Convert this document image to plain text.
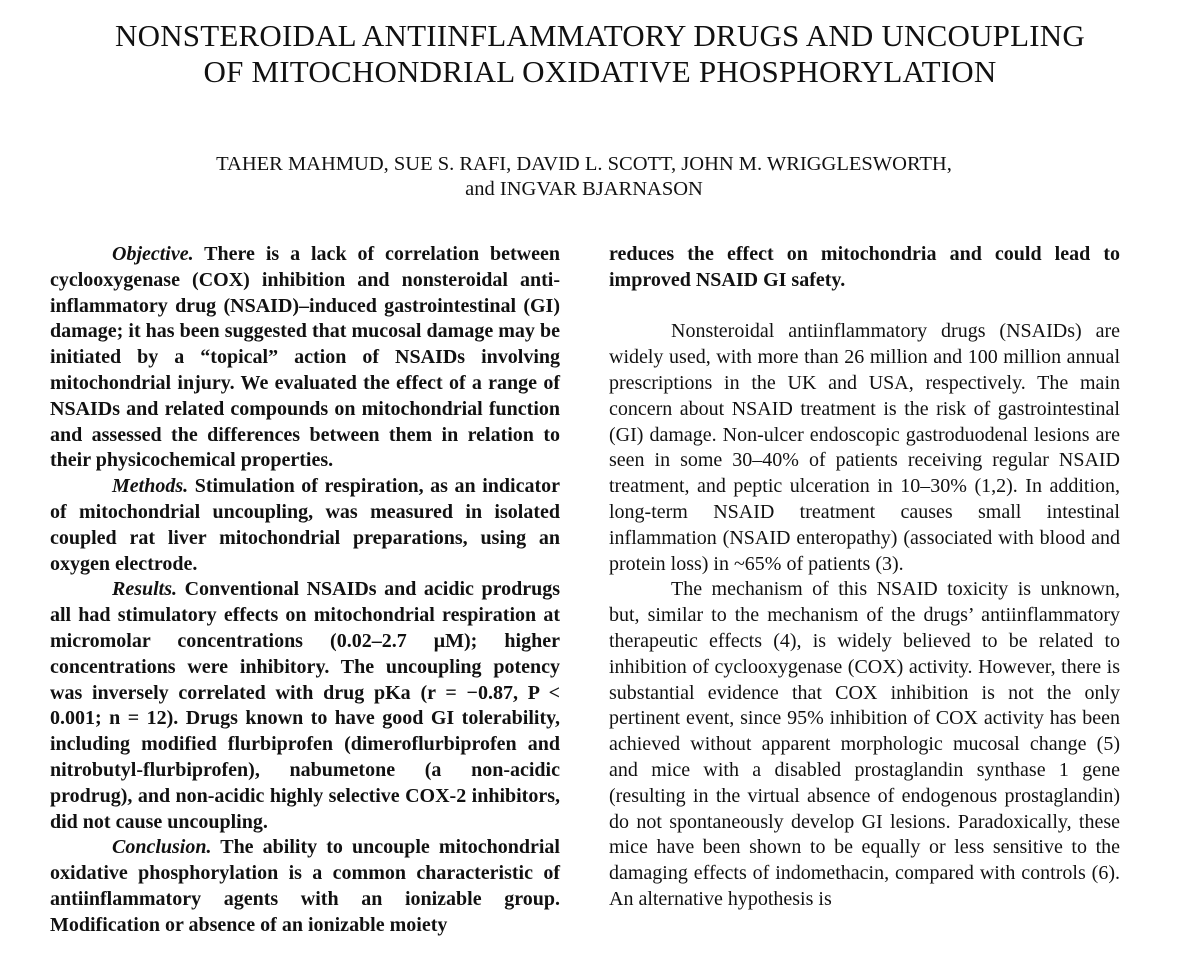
NONSTEROIDAL ANTIINFLAMMATORY DRUGS AND UNCOUPLING
OF MITOCHONDRIAL OXIDATIVE PHOSPHORYLATION
TAHER MAHMUD, SUE S. RAFI, DAVID L. SCOTT, JOHN M. WRIGGLESWORTH,
and INGVAR BJARNASON

Objective. There is a lack of correlation between cyclooxygenase (COX) inhibition and nonsteroidal anti-inflammatory drug (NSAID)–induced gastrointestinal (GI) damage; it has been suggested that mucosal damage may be initiated by a “topical” action of NSAIDs involving mitochondrial injury. We evaluated the effect of a range of NSAIDs and related compounds on mitochondrial function and assessed the differences between them in relation to their physicochemical properties.

Methods. Stimulation of respiration, as an indicator of mitochondrial uncoupling, was measured in isolated coupled rat liver mitochondrial preparations, using an oxygen electrode.

Results. Conventional NSAIDs and acidic prodrugs all had stimulatory effects on mitochondrial respiration at micromolar concentrations (0.02–2.7 μM); higher concentrations were inhibitory. The uncoupling potency was inversely correlated with drug pKa (r = −0.87, P < 0.001; n = 12). Drugs known to have good GI tolerability, including modified flurbiprofen (dimeroflurbiprofen and nitrobutyl-flurbiprofen), nabumetone (a non-acidic prodrug), and non-acidic highly selective COX-2 inhibitors, did not cause uncoupling.

Conclusion. The ability to uncouple mitochondrial oxidative phosphorylation is a common characteristic of antiinflammatory agents with an ionizable group. Modification or absence of an ionizable moiety

reduces the effect on mitochondria and could lead to improved NSAID GI safety.

Nonsteroidal antiinflammatory drugs (NSAIDs) are widely used, with more than 26 million and 100 million annual prescriptions in the UK and USA, respectively. The main concern about NSAID treatment is the risk of gastrointestinal (GI) damage. Non-ulcer endoscopic gastroduodenal lesions are seen in some 30–40% of patients receiving regular NSAID treatment, and peptic ulceration in 10–30% (1,2). In addition, long-term NSAID treatment causes small intestinal inflammation (NSAID enteropathy) (associated with blood and protein loss) in ~65% of patients (3).

The mechanism of this NSAID toxicity is unknown, but, similar to the mechanism of the drugs’ antiinflammatory therapeutic effects (4), is widely believed to be related to inhibition of cyclooxygenase (COX) activity. However, there is substantial evidence that COX inhibition is not the only pertinent event, since 95% inhibition of COX activity has been achieved without apparent morphologic mucosal change (5) and mice with a disabled prostaglandin synthase 1 gene (resulting in the virtual absence of endogenous prostaglandin) do not spontaneously develop GI lesions. Paradoxically, these mice have been shown to be equally or less sensitive to the damaging effects of indomethacin, compared with controls (6). An alternative hypothesis is
